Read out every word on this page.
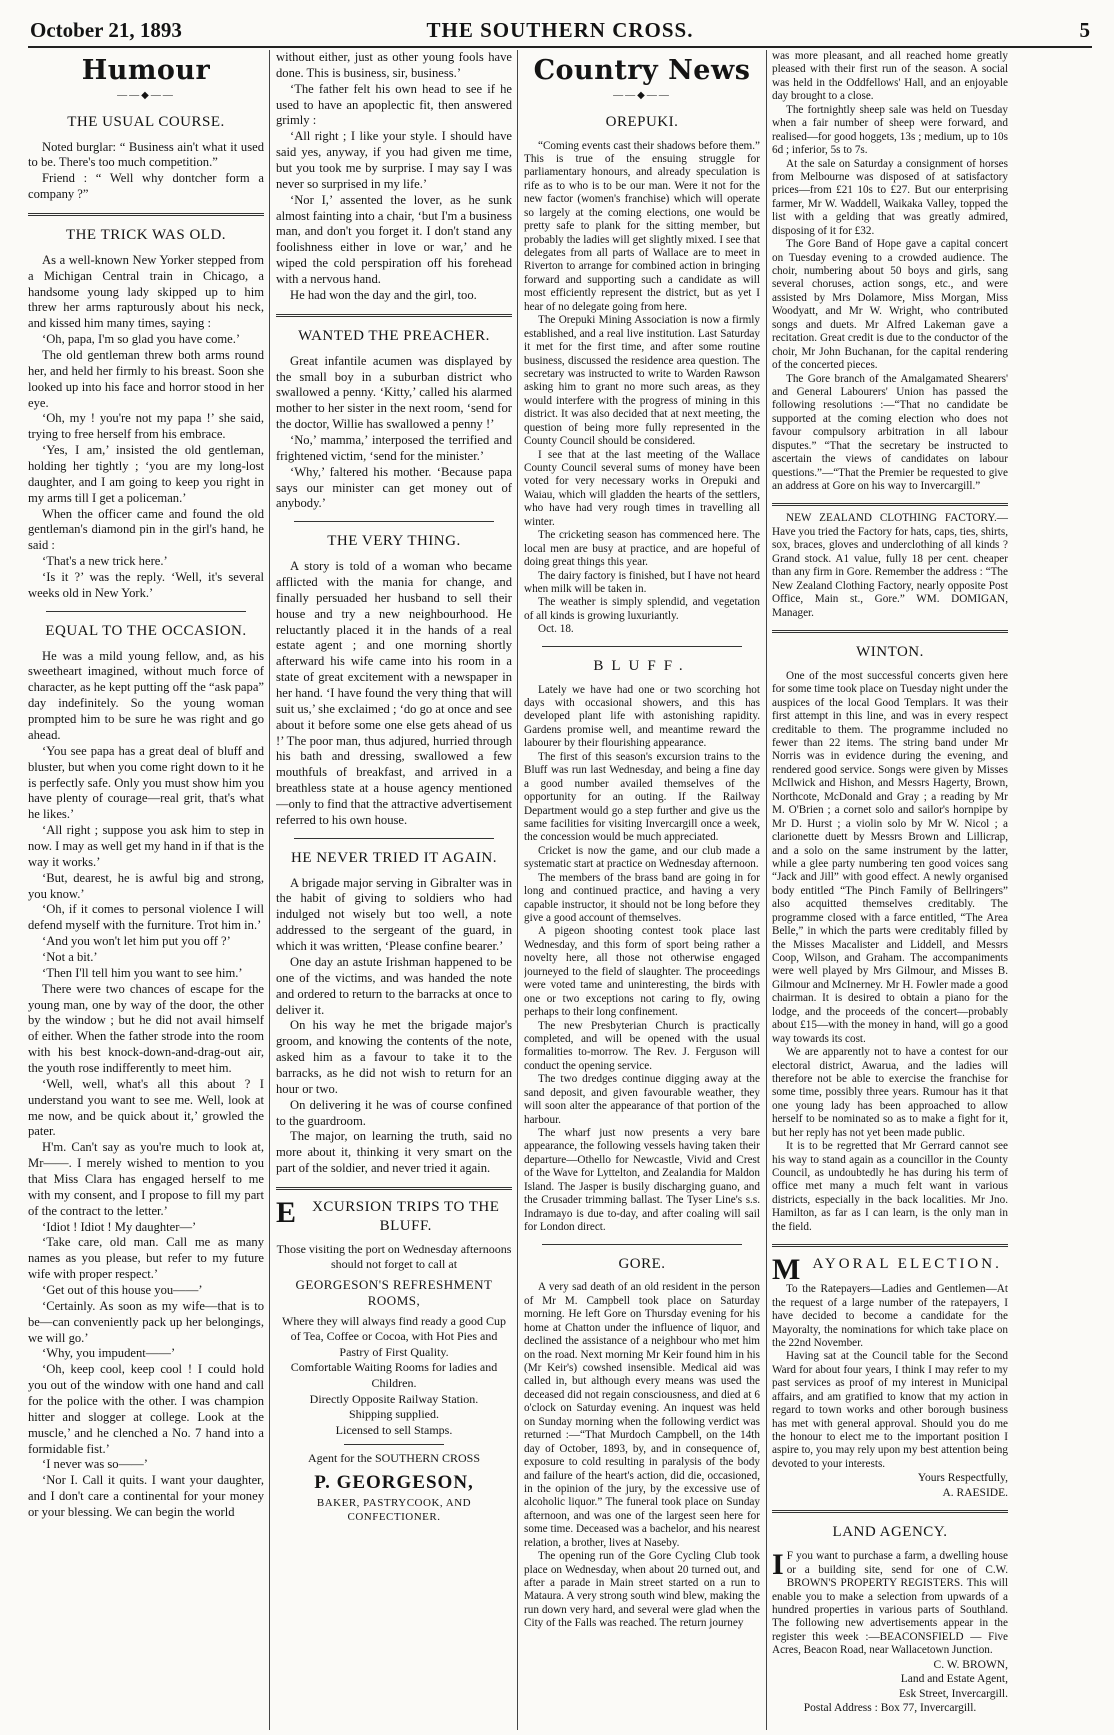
October 21, 1893	THE SOUTHERN CROSS.	5
Humour
——◆——
THE USUAL COURSE.

Noted burglar: “ Business ain't what it used to be. There's too much competition.”

Friend : “ Well why dontcher form a company ?”

THE TRICK WAS OLD.

As a well-known New Yorker stepped from a Michigan Central train in Chicago, a handsome young lady skipped up to him threw her arms rapturously about his neck, and kissed him many times, saying :

‘Oh, papa, I'm so glad you have come.’

The old gentleman threw both arms round her, and held her firmly to his breast. Soon she looked up into his face and horror stood in her eye.

‘Oh, my ! you're not my papa !’ she said, trying to free herself from his embrace.

‘Yes, I am,’ insisted the old gentleman, holding her tightly ; ‘you are my long-lost daughter, and I am going to keep you right in my arms till I get a policeman.’

When the officer came and found the old gentleman's diamond pin in the girl's hand, he said :

‘That's a new trick here.’

‘Is it ?’ was the reply. ‘Well, it's several weeks old in New York.’

EQUAL TO THE OCCASION.

He was a mild young fellow, and, as his sweetheart imagined, without much force of character, as he kept putting off the “ask papa” day indefinitely. So the young woman prompted him to be sure he was right and go ahead.

‘You see papa has a great deal of bluff and bluster, but when you come right down to it he is perfectly safe. Only you must show him you have plenty of courage—real grit, that's what he likes.’

‘All right ; suppose you ask him to step in now. I may as well get my hand in if that is the way it works.’

‘But, dearest, he is awful big and strong, you know.’

‘Oh, if it comes to personal violence I will defend myself with the furniture. Trot him in.’

‘And you won't let him put you off ?’

‘Not a bit.’

‘Then I'll tell him you want to see him.’

There were two chances of escape for the young man, one by way of the door, the other by the window ; but he did not avail himself of either. When the father strode into the room with his best knock-down-and-drag-out air, the youth rose indifferently to meet him.

‘Well, well, what's all this about ? I understand you want to see me. Well, look at me now, and be quick about it,’ growled the pater.

H'm. Can't say as you're much to look at, Mr——. I merely wished to mention to you that Miss Clara has engaged herself to me with my consent, and I propose to fill my part of the contract to the letter.’

‘Idiot ! Idiot ! My daughter—’

‘Take care, old man. Call me as many names as you please, but refer to my future wife with proper respect.’

‘Get out of this house you——’

‘Certainly. As soon as my wife—that is to be—can conveniently pack up her belongings, we will go.’

‘Why, you impudent——’

‘Oh, keep cool, keep cool ! I could hold you out of the window with one hand and call for the police with the other. I was champion hitter and slogger at college. Look at the muscle,’ and he clenched a No. 7 hand into a formidable fist.’

‘I never was so——’

‘Nor I. Call it quits. I want your daughter, and I don't care a continental for your money or your blessing. We can begin the world

without either, just as other young fools have done. This is business, sir, business.’

‘The father felt his own head to see if he used to have an apoplectic fit, then answered grimly :

‘All right ; I like your style. I should have said yes, anyway, if you had given me time, but you took me by surprise. I may say I was never so surprised in my life.’

‘Nor I,’ assented the lover, as he sunk almost fainting into a chair, ‘but I'm a business man, and don't you forget it. I don't stand any foolishness either in love or war,’ and he wiped the cold perspiration off his forehead with a nervous hand.

He had won the day and the girl, too.

WANTED THE PREACHER.

Great infantile acumen was displayed by the small boy in a suburban district who swallowed a penny. ‘Kitty,’ called his alarmed mother to her sister in the next room, ‘send for the doctor, Willie has swallowed a penny !’

‘No,’ mamma,’ interposed the terrified and frightened victim, ‘send for the minister.’

‘Why,’ faltered his mother. ‘Because papa says our minister can get money out of anybody.’

THE VERY THING.

A story is told of a woman who became afflicted with the mania for change, and finally persuaded her husband to sell their house and try a new neighbourhood. He reluctantly placed it in the hands of a real estate agent ; and one morning shortly afterward his wife came into his room in a state of great excitement with a newspaper in her hand. ‘I have found the very thing that will suit us,’ she exclaimed ; ‘do go at once and see about it before some one else gets ahead of us !’ The poor man, thus adjured, hurried through his bath and dressing, swallowed a few mouthfuls of breakfast, and arrived in a breathless state at a house agency mentioned—only to find that the attractive advertisement referred to his own house.

HE NEVER TRIED IT AGAIN.

A brigade major serving in Gibralter was in the habit of giving to soldiers who had indulged not wisely but too well, a note addressed to the sergeant of the guard, in which it was written, ‘Please confine bearer.’

One day an astute Irishman happened to be one of the victims, and was handed the note and ordered to return to the barracks at once to deliver it.

On his way he met the brigade major's groom, and knowing the contents of the note, asked him as a favour to take it to the barracks, as he did not wish to return for an hour or two.

On delivering it he was of course confined to the guardroom.

The major, on learning the truth, said no more about it, thinking it very smart on the part of the soldier, and never tried it again.

E XCURSION TRIPS TO THE BLUFF.
Those visiting the port on Wednesday afternoons should not forget to call at
GEORGESON'S REFRESHMENT ROOMS,
Where they will always find ready a good Cup of Tea, Coffee or Cocoa, with Hot Pies and Pastry of First Quality.
Comfortable Waiting Rooms for ladies and Children.
Directly Opposite Railway Station.
Shipping supplied.
Licensed to sell Stamps.
Agent for the SOUTHERN CROSS
P. GEORGESON,
BAKER, PASTRYCOOK, AND CONFECTIONER.
Country News
——◆——
OREPUKI.

“Coming events cast their shadows before them.” This is true of the ensuing struggle for parliamentary honours, and already speculation is rife as to who is to be our man. Were it not for the new factor (women's franchise) which will operate so largely at the coming elections, one would be pretty safe to plank for the sitting member, but probably the ladies will get slightly mixed. I see that delegates from all parts of Wallace are to meet in Riverton to arrange for combined action in bringing forward and supporting such a candidate as will most efficiently represent the district, but as yet I hear of no delegate going from here.

The Orepuki Mining Association is now a firmly established, and a real live institution. Last Saturday it met for the first time, and after some routine business, discussed the residence area question. The secretary was instructed to write to Warden Rawson asking him to grant no more such areas, as they would interfere with the progress of mining in this district. It was also decided that at next meeting, the question of being more fully represented in the County Council should be considered.

I see that at the last meeting of the Wallace County Council several sums of money have been voted for very necessary works in Orepuki and Waiau, which will gladden the hearts of the settlers, who have had very rough times in travelling all winter.

The cricketing season has commenced here. The local men are busy at practice, and are hopeful of doing great things this year.

The dairy factory is finished, but I have not heard when milk will be taken in.

The weather is simply splendid, and vegetation of all kinds is growing luxuriantly.

Oct. 18.

BLUFF.

Lately we have had one or two scorching hot days with occasional showers, and this has developed plant life with astonishing rapidity. Gardens promise well, and meantime reward the labourer by their flourishing appearance.

The first of this season's excursion trains to the Bluff was run last Wednesday, and being a fine day a good number availed themselves of the opportunity for an outing. If the Railway Department would go a step further and give us the same facilities for visiting Invercargill once a week, the concession would be much appreciated.

Cricket is now the game, and our club made a systematic start at practice on Wednesday afternoon.

The members of the brass band are going in for long and continued practice, and having a very capable instructor, it should not be long before they give a good account of themselves.

A pigeon shooting contest took place last Wednesday, and this form of sport being rather a novelty here, all those not otherwise engaged journeyed to the field of slaughter. The proceedings were voted tame and uninteresting, the birds with one or two exceptions not caring to fly, owing perhaps to their long confinement.

The new Presbyterian Church is practically completed, and will be opened with the usual formalities to-morrow. The Rev. J. Ferguson will conduct the opening service.

The two dredges continue digging away at the sand deposit, and given favourable weather, they will soon alter the appearance of that portion of the harbour.

The wharf just now presents a very bare appearance, the following vessels having taken their departure—Othello for Newcastle, Vivid and Crest of the Wave for Lyttelton, and Zealandia for Maldon Island. The Jasper is busily discharging guano, and the Crusader trimming ballast. The Tyser Line's s.s. Indramayo is due to-day, and after coaling will sail for London direct.

GORE.

A very sad death of an old resident in the person of Mr M. Campbell took place on Saturday morning. He left Gore on Thursday evening for his home at Chatton under the influence of liquor, and declined the assistance of a neighbour who met him on the road. Next morning Mr Keir found him in his (Mr Keir's) cowshed insensible. Medical aid was called in, but although every means was used the deceased did not regain consciousness, and died at 6 o'clock on Saturday evening. An inquest was held on Sunday morning when the following verdict was returned :—“That Murdoch Campbell, on the 14th day of October, 1893, by, and in consequence of, exposure to cold resulting in paralysis of the body and failure of the heart's action, did die, occasioned, in the opinion of the jury, by the excessive use of alcoholic liquor.” The funeral took place on Sunday afternoon, and was one of the largest seen here for some time. Deceased was a bachelor, and his nearest relation, a brother, lives at Naseby.

The opening run of the Gore Cycling Club took place on Wednesday, when about 20 turned out, and after a parade in Main street started on a run to Mataura. A very strong south wind blew, making the run down very hard, and several were glad when the City of the Falls was reached. The return journey

was more pleasant, and all reached home greatly pleased with their first run of the season. A social was held in the Oddfellows' Hall, and an enjoyable day brought to a close.

The fortnightly sheep sale was held on Tuesday when a fair number of sheep were forward, and realised—for good hoggets, 13s ; medium, up to 10s 6d ; inferior, 5s to 7s.

At the sale on Saturday a consignment of horses from Melbourne was disposed of at satisfactory prices—from £21 10s to £27. But our enterprising farmer, Mr W. Waddell, Waikaka Valley, topped the list with a gelding that was greatly admired, disposing of it for £32.

The Gore Band of Hope gave a capital concert on Tuesday evening to a crowded audience. The choir, numbering about 50 boys and girls, sang several choruses, action songs, etc., and were assisted by Mrs Dolamore, Miss Morgan, Miss Woodyatt, and Mr W. Wright, who contributed songs and duets. Mr Alfred Lakeman gave a recitation. Great credit is due to the conductor of the choir, Mr John Buchanan, for the capital rendering of the concerted pieces.

The Gore branch of the Amalgamated Shearers' and General Labourers' Union has passed the following resolutions :—“That no candidate be supported at the coming election who does not favour compulsory arbitration in all labour disputes.” “That the secretary be instructed to ascertain the views of candidates on labour questions.”—“That the Premier be requested to give an address at Gore on his way to Invercargill.”

NEW ZEALAND CLOTHING FACTORY.—Have you tried the Factory for hats, caps, ties, shirts, sox, braces, gloves and underclothing of all kinds ? Grand stock. A1 value, fully 18 per cent. cheaper than any firm in Gore. Remember the address : “The New Zealand Clothing Factory, nearly opposite Post Office, Main st., Gore.” WM. DOMIGAN, Manager.

WINTON.

One of the most successful concerts given here for some time took place on Tuesday night under the auspices of the local Good Templars. It was their first attempt in this line, and was in every respect creditable to them. The programme included no fewer than 22 items. The string band under Mr Norris was in evidence during the evening, and rendered good service. Songs were given by Misses McIlwick and Hishon, and Messrs Hagerty, Brown, Northcote, McDonald and Gray ; a reading by Mr M. O'Brien ; a cornet solo and sailor's hornpipe by Mr D. Hurst ; a violin solo by Mr W. Nicol ; a clarionette duett by Messrs Brown and Lillicrap, and a solo on the same instrument by the latter, while a glee party numbering ten good voices sang “Jack and Jill” with good effect. A newly organised body entitled “The Pinch Family of Bellringers” also acquitted themselves creditably. The programme closed with a farce entitled, “The Area Belle,” in which the parts were creditably filled by the Misses Macalister and Liddell, and Messrs Coop, Wilson, and Graham. The accompaniments were well played by Mrs Gilmour, and Misses B. Gilmour and McInerney. Mr H. Fowler made a good chairman. It is desired to obtain a piano for the lodge, and the proceeds of the concert—probably about £15—with the money in hand, will go a good way towards its cost.

We are apparently not to have a contest for our electoral district, Awarua, and the ladies will therefore not be able to exercise the franchise for some time, possibly three years. Rumour has it that one young lady has been approached to allow herself to be nominated so as to make a fight for it, but her reply has not yet been made public.

It is to be regretted that Mr Gerrard cannot see his way to stand again as a councillor in the County Council, as undoubtedly he has during his term of office met many a much felt want in various districts, especially in the back localities. Mr Jno. Hamilton, as far as I can learn, is the only man in the field.

M AYORAL ELECTION.

To the Ratepayers—Ladies and Gentlemen—At the request of a large number of the ratepayers, I have decided to become a candidate for the Mayoralty, the nominations for which take place on the 22nd November.

Having sat at the Council table for the Second Ward for about four years, I think I may refer to my past services as proof of my interest in Municipal affairs, and am gratified to know that my action in regard to town works and other borough business has met with general approval. Should you do me the honour to elect me to the important position I aspire to, you may rely upon my best attention being devoted to your interests.

Yours Respectfully,
A. RAESIDE.
LAND AGENCY.

I F you want to purchase a farm, a dwelling house or a building site, send for one of C.W. BROWN'S PROPERTY REGISTERS. This will enable you to make a selection from upwards of a hundred properties in various parts of Southland. The following new advertisements appear in the register this week :—BEACONSFIELD — Five Acres, Beacon Road, near Wallacetown Junction.

C. W. BROWN,
Land and Estate Agent,
Esk Street, Invercargill.
Postal Address : Box 77, Invercargill.
